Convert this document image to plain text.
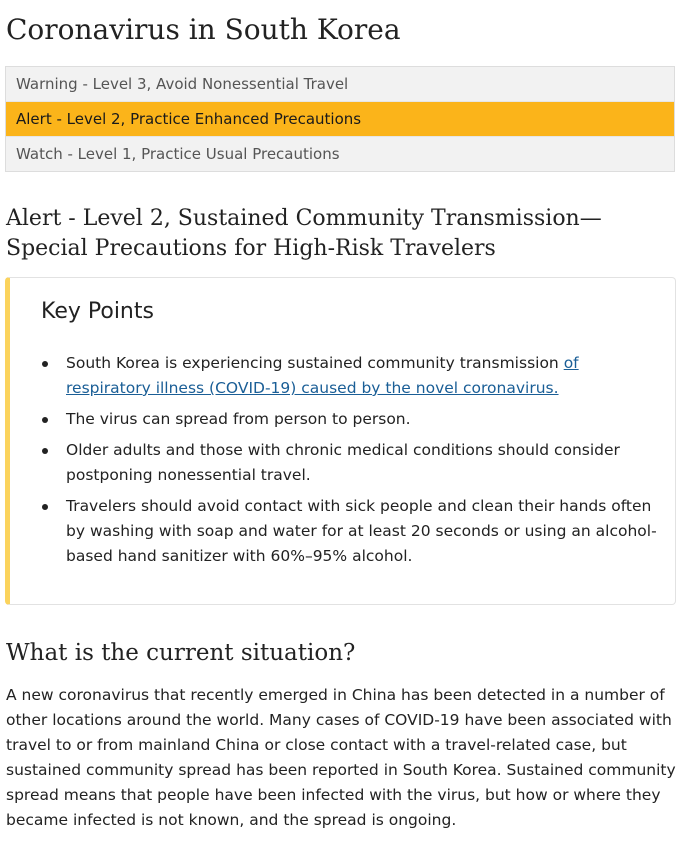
Coronavirus in South Korea
Warning - Level 3, Avoid Nonessential Travel
Alert - Level 2, Practice Enhanced Precautions
Watch - Level 1, Practice Usual Precautions
Alert - Level 2, Sustained Community Transmission—Special Precautions for High-Risk Travelers
Key Points
South Korea is experiencing sustained community transmission of respiratory illness (COVID-19) caused by the novel coronavirus.
The virus can spread from person to person.
Older adults and those with chronic medical conditions should consider postponing nonessential travel.
Travelers should avoid contact with sick people and clean their hands often by washing with soap and water for at least 20 seconds or using an alcohol-based hand sanitizer with 60%–95% alcohol.
What is the current situation?

A new coronavirus that recently emerged in China has been detected in a number of other locations around the world. Many cases of COVID-19 have been associated with travel to or from mainland China or close contact with a travel-related case, but sustained community spread has been reported in South Korea. Sustained community spread means that people have been infected with the virus, but how or where they became infected is not known, and the spread is ongoing.
